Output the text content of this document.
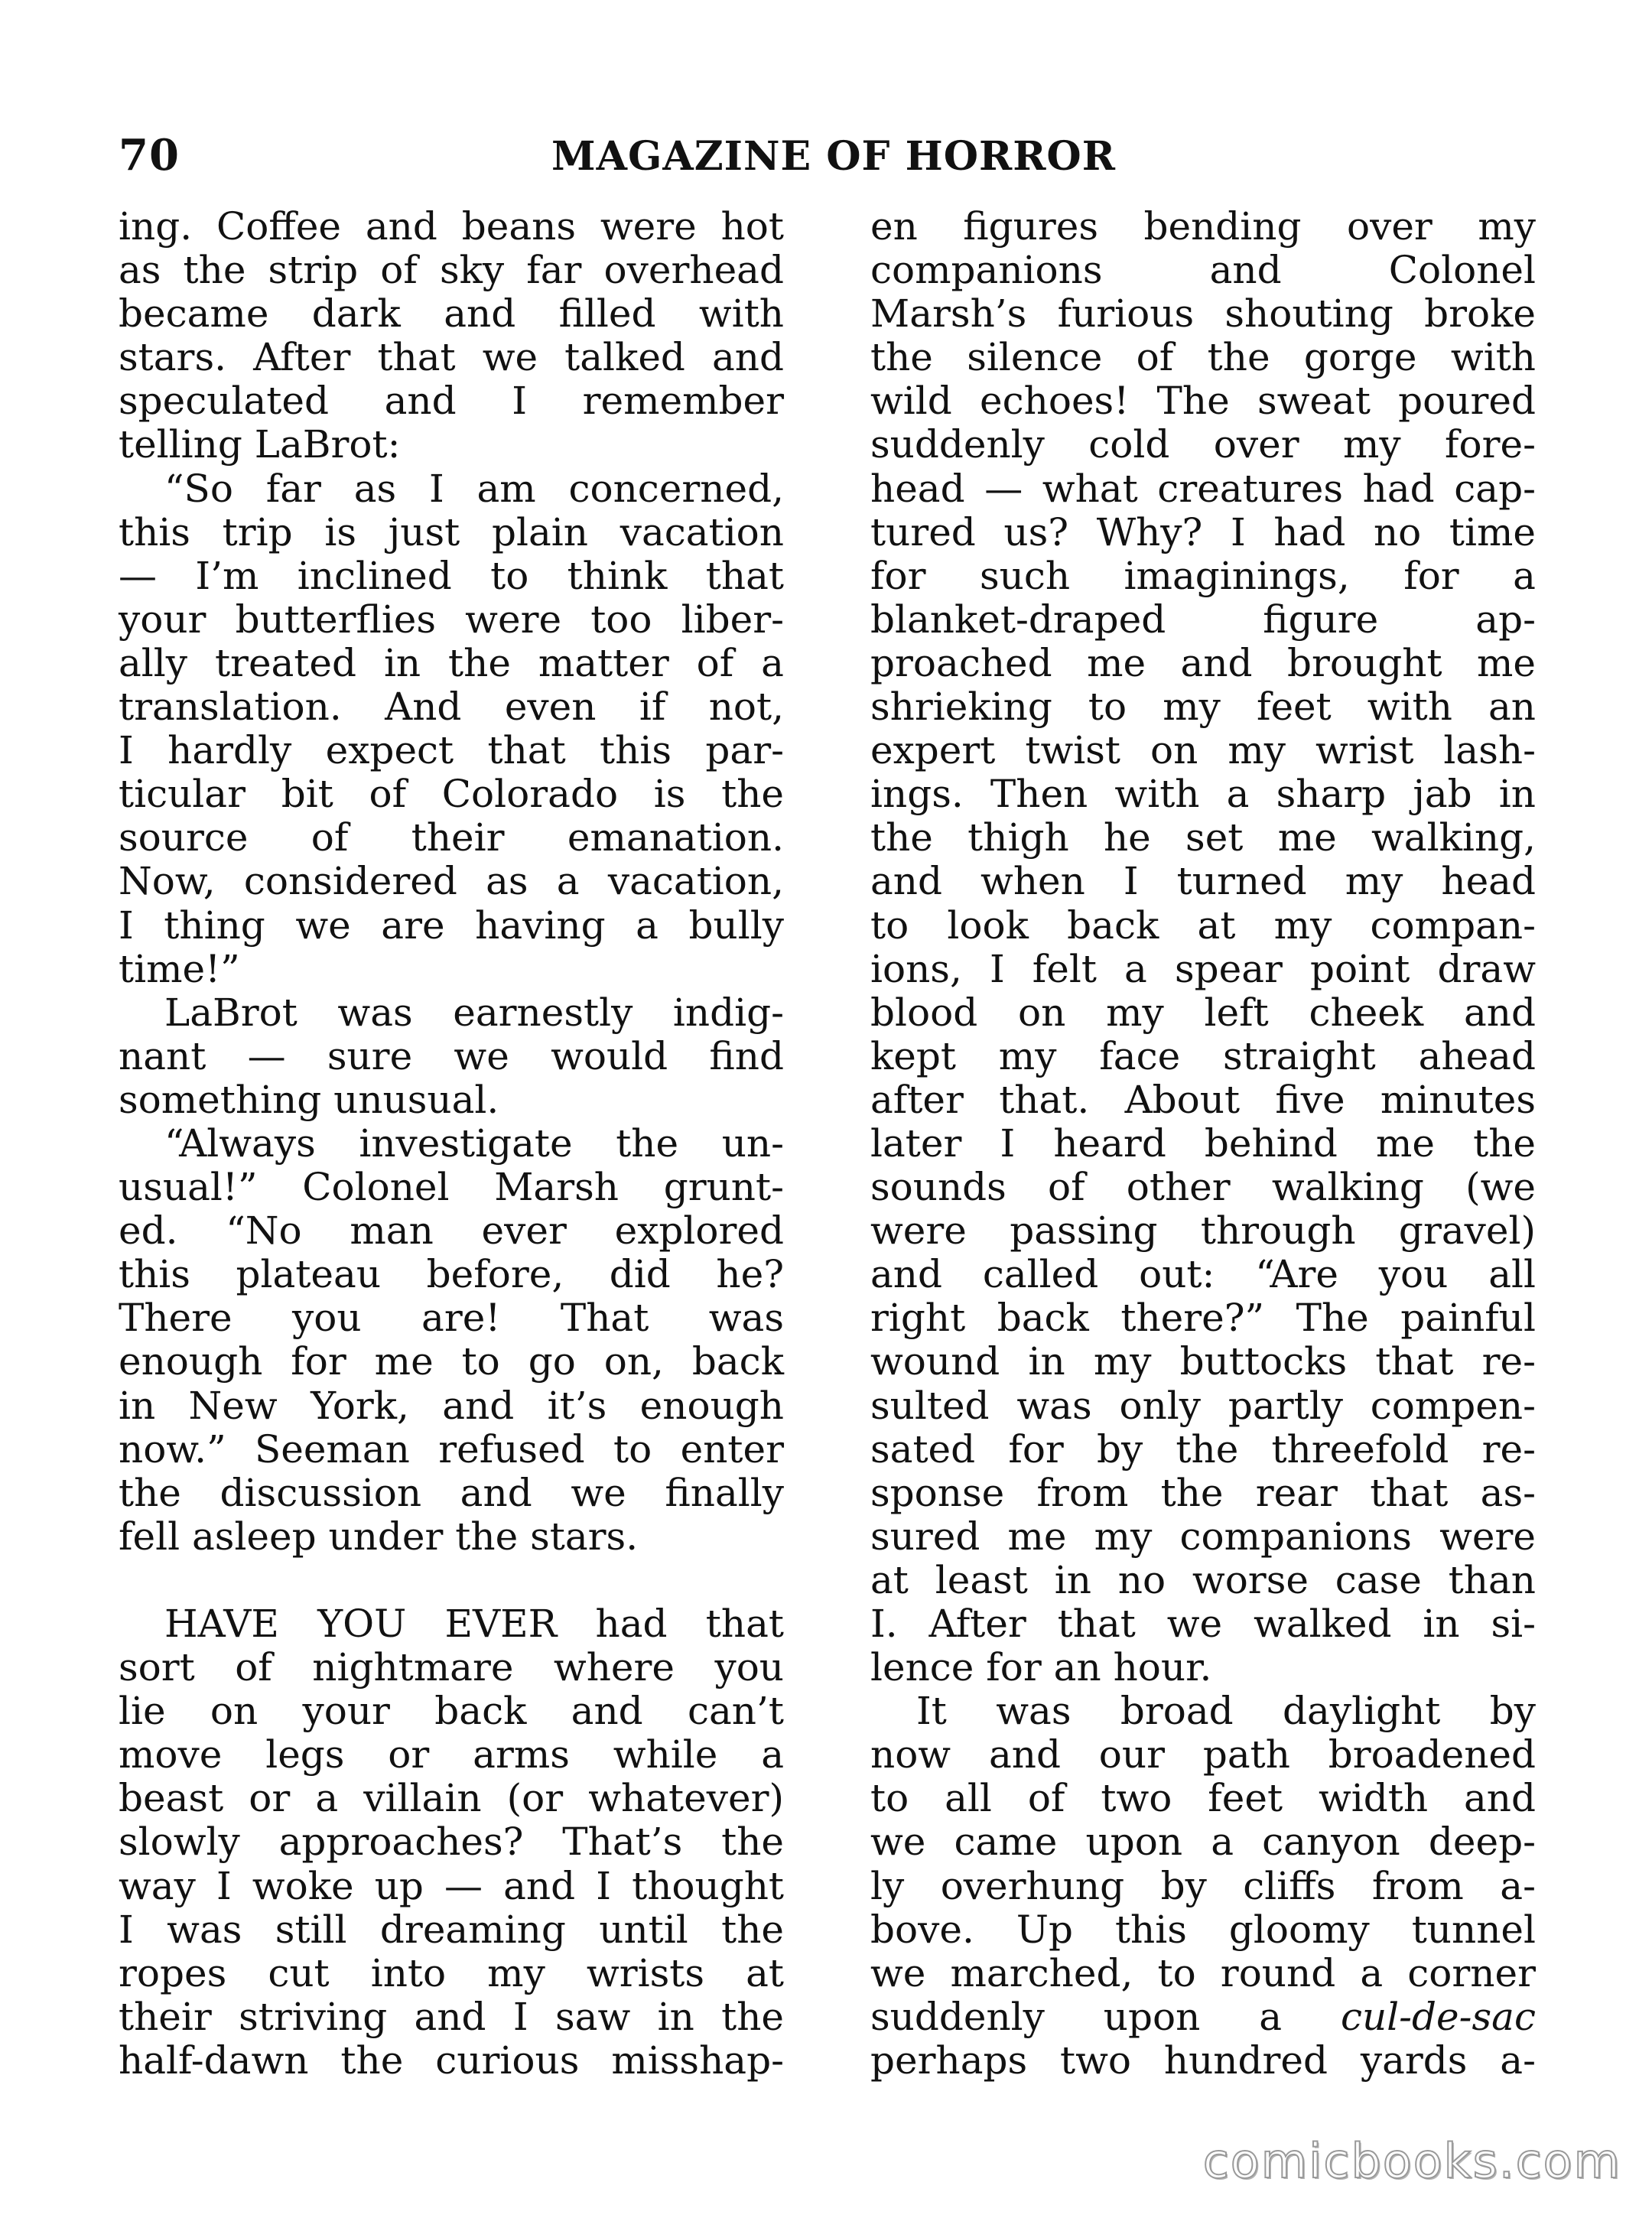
70	MAGAZINE OF HORROR
ing. Coffee and beans were hot
as the strip of sky far overhead
became dark and filled with
stars. After that we talked and
speculated and I remember
telling LaBrot:
“So far as I am concerned,
this trip is just plain vacation
— I’m inclined to think that
your butterflies were too liber-
ally treated in the matter of a
translation. And even if not,
I hardly expect that this par-
ticular bit of Colorado is the
source of their emanation.
Now, considered as a vacation,
I thing we are having a bully
time!”
LaBrot was earnestly indig-
nant — sure we would find
something unusual.
“Always investigate the un-
usual!” Colonel Marsh grunt-
ed. “No man ever explored
this plateau before, did he?
There you are! That was
enough for me to go on, back
in New York, and it’s enough
now.” Seeman refused to enter
the discussion and we finally
fell asleep under the stars.
HAVE YOU EVER had that
sort of nightmare where you
lie on your back and can’t
move legs or arms while a
beast or a villain (or whatever)
slowly approaches? That’s the
way I woke up — and I thought
I was still dreaming until the
ropes cut into my wrists at
their striving and I saw in the
half-dawn the curious misshap-
en figures bending over my
companions and Colonel
Marsh’s furious shouting broke
the silence of the gorge with
wild echoes! The sweat poured
suddenly cold over my fore-
head — what creatures had cap-
tured us? Why? I had no time
for such imaginings, for a
blanket-draped figure ap-
proached me and brought me
shrieking to my feet with an
expert twist on my wrist lash-
ings. Then with a sharp jab in
the thigh he set me walking,
and when I turned my head
to look back at my compan-
ions, I felt a spear point draw
blood on my left cheek and
kept my face straight ahead
after that. About five minutes
later I heard behind me the
sounds of other walking (we
were passing through gravel)
and called out: “Are you all
right back there?” The painful
wound in my buttocks that re-
sulted was only partly compen-
sated for by the threefold re-
sponse from the rear that as-
sured me my companions were
at least in no worse case than
I. After that we walked in si-
lence for an hour.
It was broad daylight by
now and our path broadened
to all of two feet width and
we came upon a canyon deep-
ly overhung by cliffs from a-
bove. Up this gloomy tunnel
we marched, to round a corner
suddenly upon a cul-de-sac
perhaps two hundred yards a-
comicbooks.com
